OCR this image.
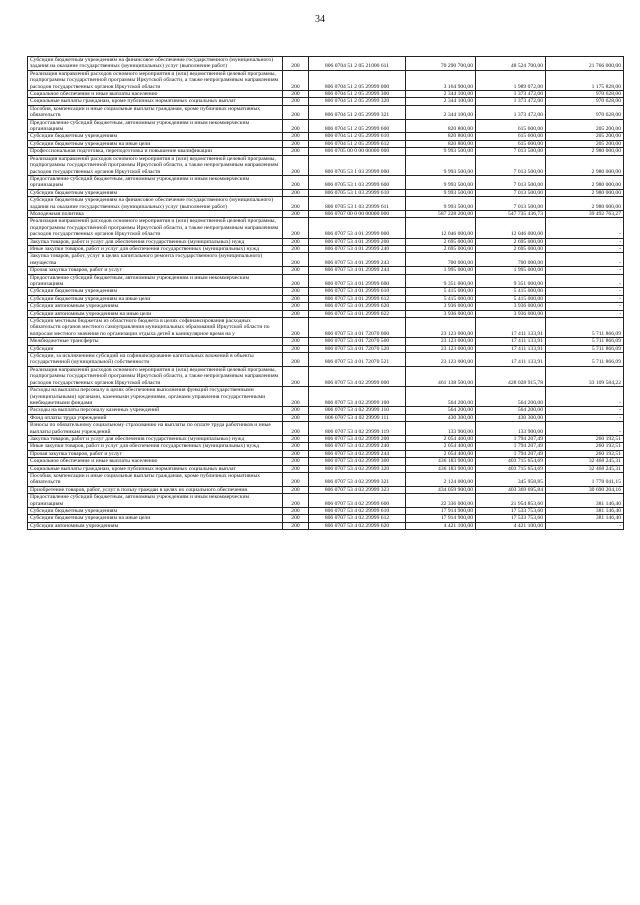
34
Субсидии бюджетным учреждениям на финансовое обеспечение государственного (муниципального) задания на оказание государственных (муниципальных) услуг (выполнение работ)	200	806 0704 51 2 05 21000 611	70 290 700,00	48 524 700,00	21 766 000,00
Реализация направлений расходов основного мероприятия и (или) ведомственной целевой программы, подпрограммы государственной программы Иркутской области, а также непрограммным направлениям расходов государственных органов Иркутской области	200	806 0704 51 2 05 29999 000	3 164 900,00	1 989 072,00	1 175 828,00
Социальное обеспечение и иные выплаты населению	200	806 0704 51 2 05 29999 300	2 344 100,00	1 373 472,00	970 628,00
Социальные выплаты гражданам, кроме публичных нормативных социальных выплат	200	806 0704 51 2 05 29999 320	2 344 100,00	1 373 472,00	970 628,00
Пособия, компенсации и иные социальные выплаты гражданам, кроме публичных нормативных обязательств	200	806 0704 51 2 05 29999 321	2 344 100,00	1 373 472,00	970 628,00
Предоставление субсидий бюджетным, автономным учреждениям и иным некоммерческим организациям	200	806 0704 51 2 05 29999 600	820 800,00	615 600,00	205 200,00
Субсидии бюджетным учреждениям	200	806 0704 51 2 05 29999 610	820 800,00	615 600,00	205 200,00
Субсидии бюджетным учреждениям на иные цели	200	806 0704 51 2 05 29999 612	820 800,00	615 600,00	205 200,00
Профессиональная подготовка, переподготовка и повышение квалификации	200	806 0705 00 0 00 00000 000	9 993 500,00	7 013 500,00	2 980 000,00
Реализация направлений расходов основного мероприятия и (или) ведомственной целевой программы, подпрограммы государственной программы Иркутской области, а также непрограммным направлениям расходов государственных органов Иркутской области	200	806 0705 53 1 03 29999 000	9 993 500,00	7 013 500,00	2 980 000,00
Предоставление субсидий бюджетным, автономным учреждениям и иным некоммерческим организациям	200	806 0705 53 1 03 29999 600	9 993 500,00	7 013 500,00	2 980 000,00
Субсидии бюджетным учреждениям	200	806 0705 53 1 03 29999 610	9 993 500,00	7 013 500,00	2 980 000,00
Субсидии бюджетным учреждениям на финансовое обеспечение государственного (муниципального) задания на оказание государственных (муниципальных) услуг (выполнение работ)	200	806 0705 53 1 03 29999 611	9 993 500,00	7 013 500,00	2 980 000,00
Молодежная политика	200	806 0707 00 0 00 00000 000	587 228 200,00	547 735 436,73	39 492 763,27
Реализация направлений расходов основного мероприятия и (или) ведомственной целевой программы, подпрограммы государственной программы Иркутской области, а также непрограммным направлениям расходов государственных органов Иркутской области	200	806 0707 53 4 01 29999 000	12 046 000,00	12 046 000,00	-
Закупка товаров, работ и услуг для обеспечения государственных (муниципальных) нужд	200	806 0707 53 4 01 29999 200	2 695 000,00	2 695 000,00	-
Иные закупки товаров, работ и услуг для обеспечения государственных (муниципальных) нужд	200	806 0707 53 4 01 29999 240	2 695 000,00	2 695 000,00	-
Закупка товаров, работ, услуг в целях капитального ремонта государственного (муниципального) имущества	200	806 0707 53 4 01 29999 243	700 000,00	700 000,00	-
Прочая закупка товаров, работ и услуг	200	806 0707 53 4 01 29999 244	1 995 000,00	1 995 000,00	-
Предоставление субсидий бюджетным, автономным учреждениям и иным некоммерческим организациям	200	806 0707 53 4 01 29999 600	9 351 000,00	9 351 000,00	-
Субсидии бюджетным учреждениям	200	806 0707 53 4 01 29999 610	5 415 000,00	5 415 000,00	-
Субсидии бюджетным учреждениям на иные цели	200	806 0707 53 4 01 29999 612	5 415 000,00	5 415 000,00	-
Субсидии автономным учреждениям	200	806 0707 53 4 01 29999 620	3 936 000,00	3 936 000,00	-
Субсидии автономным учреждениям на иные цели	200	806 0707 53 4 01 29999 622	3 936 000,00	3 936 000,00	-
Субсидии местным бюджетам из областного бюджета в целях софинансирования расходных обязательств органов местного самоуправления муниципальных образований Иркутской области по вопросам местного значения по организации отдыха детей в каникулярное время на у	200	806 0707 53 4 01 72070 000	23 123 000,00	17 411 133,91	5 711 866,09
Межбюджетные трансферты	200	806 0707 53 4 01 72070 500	23 123 000,00	17 411 133,91	5 711 866,09
Субсидии	200	806 0707 53 4 01 72070 520	23 123 000,00	17 411 133,91	5 711 866,09
Субсидии, за исключением субсидий на софинансирование капитальных вложений в объекты государственной (муниципальной) собственности	200	806 0707 53 4 01 72070 521	23 123 000,00	17 411 133,91	5 711 866,09
Реализация направлений расходов основного мероприятия и (или) ведомственной целевой программы, подпрограммы государственной программы Иркутской области, а также непрограммным направлениям расходов государственных органов Иркутской области	200	806 0707 53 4 02 29999 000	461 138 500,00	428 028 915,78	33 109 584,22
Расходы на выплаты персоналу в целях обеспечения выполнения функций государственными (муниципальными) органами, казенными учреждениями, органами управления государственными внебюджетными фондами	200	806 0707 53 4 02 29999 100	564 200,00	564 200,00	-
Расходы на выплаты персоналу казенных учреждений	200	806 0707 53 4 02 29999 110	564 200,00	564 200,00	-
Фонд оплаты труда учреждений	200	806 0707 53 4 02 29999 111	430 300,00	430 300,00	-
Взносы по обязательному социальному страхованию на выплаты по оплате труда работников и иные выплаты работникам учреждений	200	806 0707 53 4 02 29999 119	133 900,00	133 900,00	-
Закупка товаров, работ и услуг для обеспечения государственных (муниципальных) нужд	200	806 0707 53 4 02 29999 200	2 054 400,00	1 794 207,49	260 192,51
Иные закупки товаров, работ и услуг для обеспечения государственных (муниципальных) нужд	200	806 0707 53 4 02 29999 240	2 054 400,00	1 794 207,49	260 192,51
Прочая закупка товаров, работ и услуг	200	806 0707 53 4 02 29999 244	2 054 400,00	1 794 207,49	260 192,51
Социальное обеспечение и иные выплаты населению	200	806 0707 53 4 02 29999 300	436 183 900,00	403 715 654,69	32 468 245,31
Социальные выплаты гражданам, кроме публичных нормативных социальных выплат	200	806 0707 53 4 02 29999 320	436 183 900,00	403 715 654,69	32 468 245,31
Пособия, компенсации и иные социальные выплаты гражданам, кроме публичных нормативных обязательств	200	806 0707 53 4 02 29999 321	2 124 000,00	345 958,85	1 778 041,15
Приобретение товаров, работ, услуг в пользу граждан в целях их социального обеспечения	200	806 0707 53 4 02 29999 323	434 059 900,00	403 369 695,84	30 690 204,16
Предоставление субсидий бюджетным, автономным учреждениям и иным некоммерческим организациям	200	806 0707 53 4 02 29999 600	22 336 000,00	21 954 853,60	381 146,40
Субсидии бюджетным учреждениям	200	806 0707 53 4 02 29999 610	17 914 900,00	17 533 753,60	381 146,40
Субсидии бюджетным учреждениям на иные цели	200	806 0707 53 4 02 29999 612	17 914 900,00	17 533 753,60	381 146,40
Субсидии автономным учреждениям	200	806 0707 53 4 02 29999 620	4 421 100,00	4 421 100,00	-
